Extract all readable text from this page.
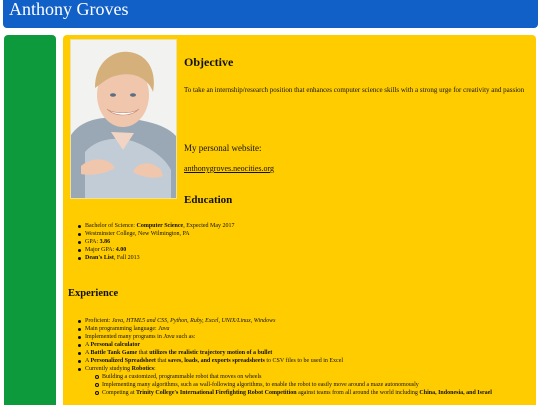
Anthony Groves
Objective
To take an internship/research position that enhances computer science skills with a strong urge for creativity and passion
My personal website:
anthonygroves.neocities.org
Education
Bachelor of Science: Computer Science, Expected May 2017
Westminster College, New Wilmington, PA
GPA: 3.86
Major GPA: 4.00
Dean's List, Fall 2013
Experience
Proficient: Java, HTML5 and CSS, Python, Ruby, Excel, UNIX/Linux, Windows
Main programming language: Java
Implemented many programs in Java such as:
A Personal calculator
A Battle Tank Game that utilizes the realistic trajectory motion of a bullet
A Personalized Spreadsheet that saves, loads, and exports spreadsheets to CSV files to be used in Excel
Currently studying Robotics:
Building a customized, programmable robot that moves on wheels
Implementing many algorithms, such as wall-following algorithms, to enable the robot to easily move around a maze autonomously
Competing at Trinity College's International Firefighting Robot Competition against teams from all around the world including China, Indonesia, and Israel
